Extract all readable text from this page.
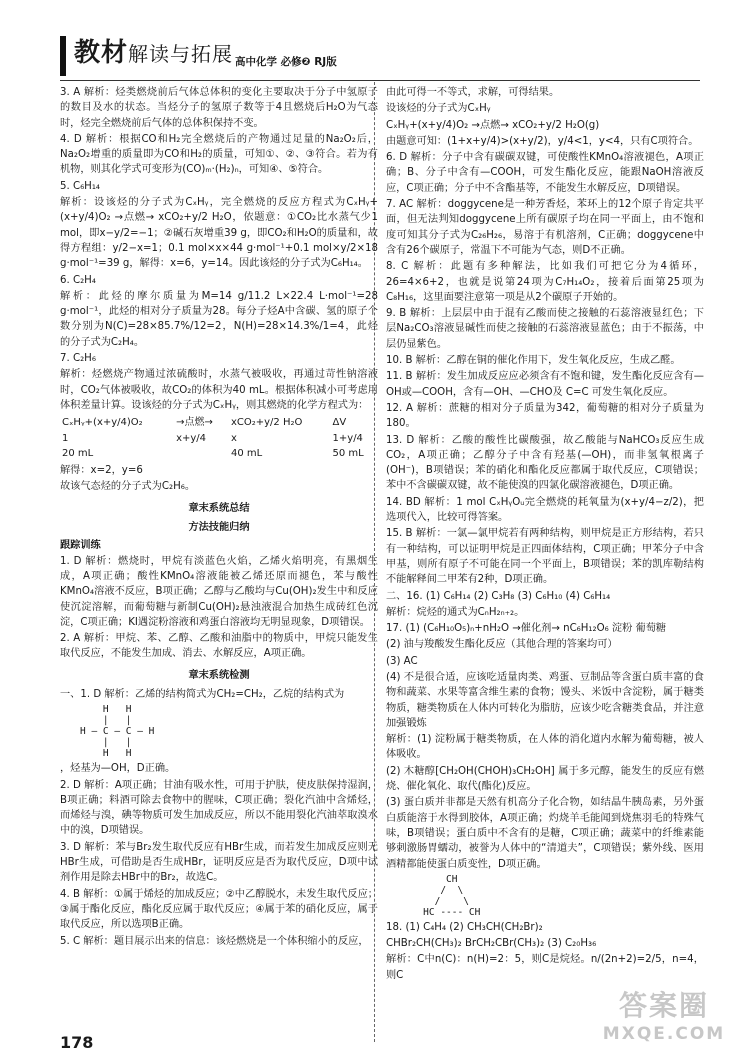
教材解读与拓展 高中化学 必修❷ RJ版

3. A 解析：烃类燃烧前后气体总体积的变化主要取决于分子中氢原子的数目及水的状态。当烃分子的氢原子数等于4且燃烧后H₂O为气态时，烃完全燃烧前后气体的总体积保持不变。

4. D 解析：根据CO和H₂完全燃烧后的产物通过足量的Na₂O₂后，Na₂O₂增重的质量即为CO和H₂的质量，可知①、②、③符合。若为有机物，则其化学式可变形为(CO)ₘ·(H₂)ₙ，可知④、⑤符合。

5. C₆H₁₄

解析：设该烃的分子式为CₓHᵧ，完全燃烧的反应方程式为CₓHᵧ+(x+y/4)O₂ →点燃→ xCO₂+y/2 H₂O，依题意：①CO₂比水蒸气少1 mol，即x−y/2=−1；②碱石灰增重39 g，即CO₂和H₂O的质量和，故得方程组：y/2−x=1；0.1 mol×x×44 g·mol⁻¹+0.1 mol×y/2×18 g·mol⁻¹=39 g，解得：x=6，y=14。因此该烃的分子式为C₆H₁₄。

6. C₂H₄

解析：此烃的摩尔质量为M=14 g/11.2 L×22.4 L·mol⁻¹=28 g·mol⁻¹，此烃的相对分子质量为28。每分子烃A中含碳、氢的原子个数分别为N(C)=28×85.7%/12=2，N(H)=28×14.3%/1=4，此烃的分子式为C₂H₄。

7. C₂H₆

解析：烃燃烧产物通过浓硫酸时，水蒸气被吸收，再通过苛性钠溶液时，CO₂气体被吸收，故CO₂的体积为40 mL。根据体积减小可考虑用体积差量计算。设该烃的分子式为CₓHᵧ，则其燃烧的化学方程式为：

CₓHᵧ+(x+y/4)O₂	→点燃→	xCO₂+y/2 H₂O	ΔV
1	x+y/4	x	1+y/4
20 mL		40 mL	50 mL

解得：x=2，y=6

故该气态烃的分子式为C₂H₆。

章末系统总结
方法技能归纳
跟踪训练

1. D 解析：燃烧时，甲烷有淡蓝色火焰，乙烯火焰明亮，有黑烟生成，A项正确；酸性KMnO₄溶液能被乙烯还原而褪色，苯与酸性KMnO₄溶液不反应，B项正确；乙醇与乙酸均与Cu(OH)₂发生中和反应使沉淀溶解，而葡萄糖与新制Cu(OH)₂悬浊液混合加热生成砖红色沉淀，C项正确；KI遇淀粉溶液和鸡蛋白溶液均无明显现象，D项错误。

2. A 解析：甲烷、苯、乙醇、乙酸和油脂中的物质中，甲烷只能发生取代反应，不能发生加成、消去、水解反应，A项正确。

章末系统检测

一、1. D 解析：乙烯的结构简式为CH₂=CH₂，乙烷的结构式为

H   H
|   |
H — C — C — H
|   |
H   H

，烃基为—OH，D正确。

2. D 解析：A项正确；甘油有吸水性，可用于护肤，使皮肤保持湿润，B项正确；料酒可除去食物中的腥味，C项正确；裂化汽油中含烯烃，而烯烃与溴，碘等物质可发生加成反应，所以不能用裂化汽油萃取溴水中的溴，D项错误。

3. D 解析：苯与Br₂发生取代反应有HBr生成，而若发生加成反应则无HBr生成，可借助是否生成HBr，证明反应是否为取代反应，D项中试剂作用是除去HBr中的Br₂，故选C。

4. B 解析：①属于烯烃的加成反应；②中乙醇脱水，未发生取代反应；③属于酯化反应，酯化反应属于取代反应；④属于苯的硝化反应，属于取代反应，所以选项B正确。

5. C 解析：题目展示出来的信息：该烃燃烧是一个体积缩小的反应，

由此可得一不等式，求解，可得结果。

设该烃的分子式为CₓHᵧ

CₓHᵧ+(x+y/4)O₂ →点燃→ xCO₂+y/2 H₂O(g)

由题意可知：(1+x+y/4)>(x+y/2)，y/4<1，y<4，只有C项符合。

6. D 解析：分子中含有碳碳双键，可使酸性KMnO₄溶液褪色，A项正确；B、分子中含有—COOH，可发生酯化反应，能跟NaOH溶液反应，C项正确；分子中不含酯基等，不能发生水解反应，D项错误。

7. AC 解析：doggycene是一种芳香烃，苯环上的12个原子肯定共平面，但无法判知doggycene上所有碳原子均在同一平面上，由不饱和度可知其分子式为C₂₆H₂₆，易溶于有机溶剂，C正确；doggycene中含有26个碳原子，常温下不可能为气态，则D不正确。

8. C 解析：此题有多种解法，比如我们可把它分为4循环，26=4×6+2，也就是说第24项为C₇H₁₄O₂，接着后面第25项为C₈H₁₆，这里面要注意第一项是从2个碳原子开始的。

9. B 解析：上层层中由于混有乙酸而使之接触的石蕊溶液显红色；下层Na₂CO₃溶液显碱性而使之接触的石蕊溶液显蓝色；由于不振荡，中层仍显紫色。

10. B 解析：乙醇在铜的催化作用下，发生氧化反应，生成乙醛。

11. B 解析：发生加成反应应必须含有不饱和键，发生酯化反应含有—OH或—COOH，含有—OH、—CHO及 C=C 可发生氧化反应。

12. A 解析：蔗糖的相对分子质量为342，葡萄糖的相对分子质量为180。

13. D 解析：乙酸的酸性比碳酸强，故乙酸能与NaHCO₃反应生成CO₂，A项正确；乙醇分子中含有羟基(—OH)，而非氢氧根离子(OH⁻)，B项错误；苯的硝化和酯化反应都属于取代反应，C项错误；苯中不含碳碳双键，故不能使溴的四氯化碳溶液褪色，D项正确。

14. BD 解析：1 mol CₓHᵧOᵤ完全燃烧的耗氧量为(x+y/4−z/2)，把选项代入，比较可得答案。

15. B 解析：一氯—氯甲烷若有两种结构，则甲烷是正方形结构，若只有一种结构，可以证明甲烷是正四面体结构，C项正确；甲苯分子中含甲基，则所有原子不可能在同一个平面上，B项错误；苯的凯库勒结构不能解释间二甲苯有2种，D项正确。

二、16. (1) C₆H₁₄ (2) C₃H₈ (3) C₆H₁₀ (4) C₆H₁₄

解析：烷烃的通式为CₙH₂ₙ₊₂。

17. (1) (C₆H₁₀O₅)ₙ+nH₂O →催化剂→ nC₆H₁₂O₆ 淀粉 葡萄糖

(2) 油与羧酸发生酯化反应（其他合理的答案均可）

(3) AC

(4) 不是很合适，应该吃适量肉类、鸡蛋、豆制品等含蛋白质丰富的食物和蔬菜、水果等富含维生素的食物；馒头、米饭中含淀粉，属于糖类物质，糖类物质在人体内可转化为脂肪，应该少吃含糖类食品，并注意加强锻炼

解析：(1) 淀粉属于糖类物质，在人体的消化道内水解为葡萄糖，被人体吸收。

(2) 木糖醇[CH₂OH(CHOH)₃CH₂OH] 属于多元醇，能发生的反应有燃烧、催化氧化、取代(酯化)反应。

(3) 蛋白质并非都是天然有机高分子化合物，如结晶牛胰岛素，另外蛋白质能溶于水得到胶体，A项正确；灼烧羊毛能闻到烧焦羽毛的特殊气味，B项错误；蛋白质中不含有的是糖，C项正确；蔬菜中的纤维素能够刺激肠胃蠕动，被誉为人体中的“清道夫”，C项错误；紫外线、医用酒精都能使蛋白质变性，D项正确。

CH
/  \
/    \
HC ---- CH

18. (1) C₄H₄ (2) CH₃CH(CH₂Br)₂

CHBr₂CH(CH₃)₂ BrCH₂CBr(CH₃)₂ (3) C₂₀H₃₆

解析：C中n(C)：n(H)=2：5，则C是烷烃。n/(2n+2)=2/5，n=4，则C

178
答案圈
MXQE.COM
